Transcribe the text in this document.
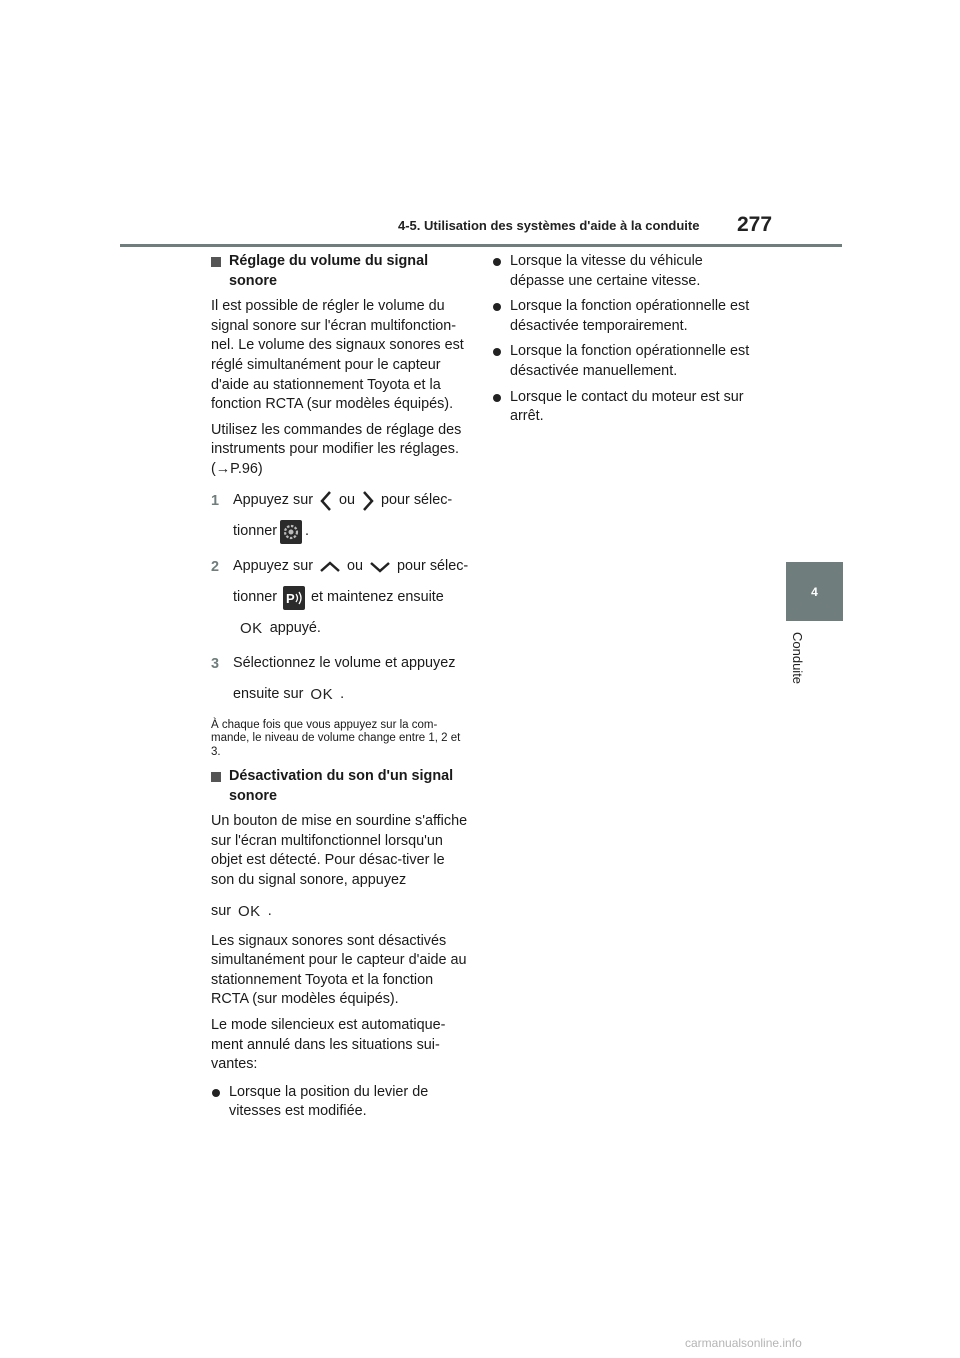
4-5. Utilisation des systèmes d'aide à la conduite 277
4
Conduite
Réglage du volume du signal
sonore

Il est possible de régler le volume du signal sonore sur l'écran multifonction-nel. Le volume des signaux sonores est réglé simultanément pour le capteur d'aide au stationnement Toyota et la fonction RCTA (sur modèles équipés).

Utilisez les commandes de réglage des instruments pour modifier les réglages.
(→P.96)

1 Appuyez sur ou pour sélec-
tionner .
2 Appuyez sur ou pour sélec-
tionner P et maintenez ensuite
OK appuyé.
3 Sélectionnez le volume et appuyez
ensuite sur OK .
À chaque fois que vous appuyez sur la com-mande, le niveau de volume change entre 1, 2 et 3.
Désactivation du son d'un signal
sonore

Un bouton de mise en sourdine s'affiche sur l'écran multifonctionnel lorsqu'un objet est détecté. Pour désac-tiver le son du signal sonore, appuyez

sur OK .

Les signaux sonores sont désactivés simultanément pour le capteur d'aide au stationnement Toyota et la fonction RCTA (sur modèles équipés).

Le mode silencieux est automatique-ment annulé dans les situations sui-vantes:

Lorsque la position du levier de vitesses est modifiée.
Lorsque la vitesse du véhicule dépasse une certaine vitesse.
Lorsque la fonction opérationnelle est désactivée temporairement.
Lorsque la fonction opérationnelle est désactivée manuellement.
Lorsque le contact du moteur est sur arrêt.
carmanualsonline.info
